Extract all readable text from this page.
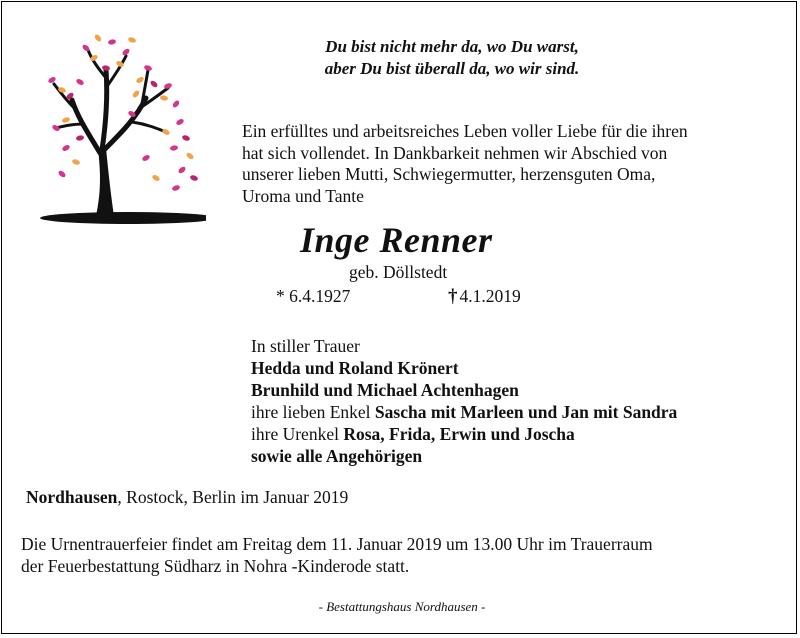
Du bist nicht mehr da, wo Du warst,
aber Du bist überall da, wo wir sind.
Ein erfülltes und arbeitsreiches Leben voller Liebe für die ihren
hat sich vollendet. In Dankbarkeit nehmen wir Abschied von
unserer lieben Mutti, Schwiegermutter, herzensguten Oma,
Uroma und Tante
Inge Renner
geb. Döllstedt
* 6.4.1927	† 4.1.2019
In stiller Trauer
Hedda und Roland Krönert
Brunhild und Michael Achtenhagen
ihre lieben Enkel Sascha mit Marleen und Jan mit Sandra
ihre Urenkel Rosa, Frida, Erwin und Joscha
sowie alle Angehörigen
Nordhausen, Rostock, Berlin im Januar 2019
Die Urnentrauerfeier findet am Freitag dem 11. Januar 2019 um 13.00 Uhr im Trauerraum
der Feuerbestattung Südharz in Nohra -Kinderode statt.
- Bestattungshaus Nordhausen -
